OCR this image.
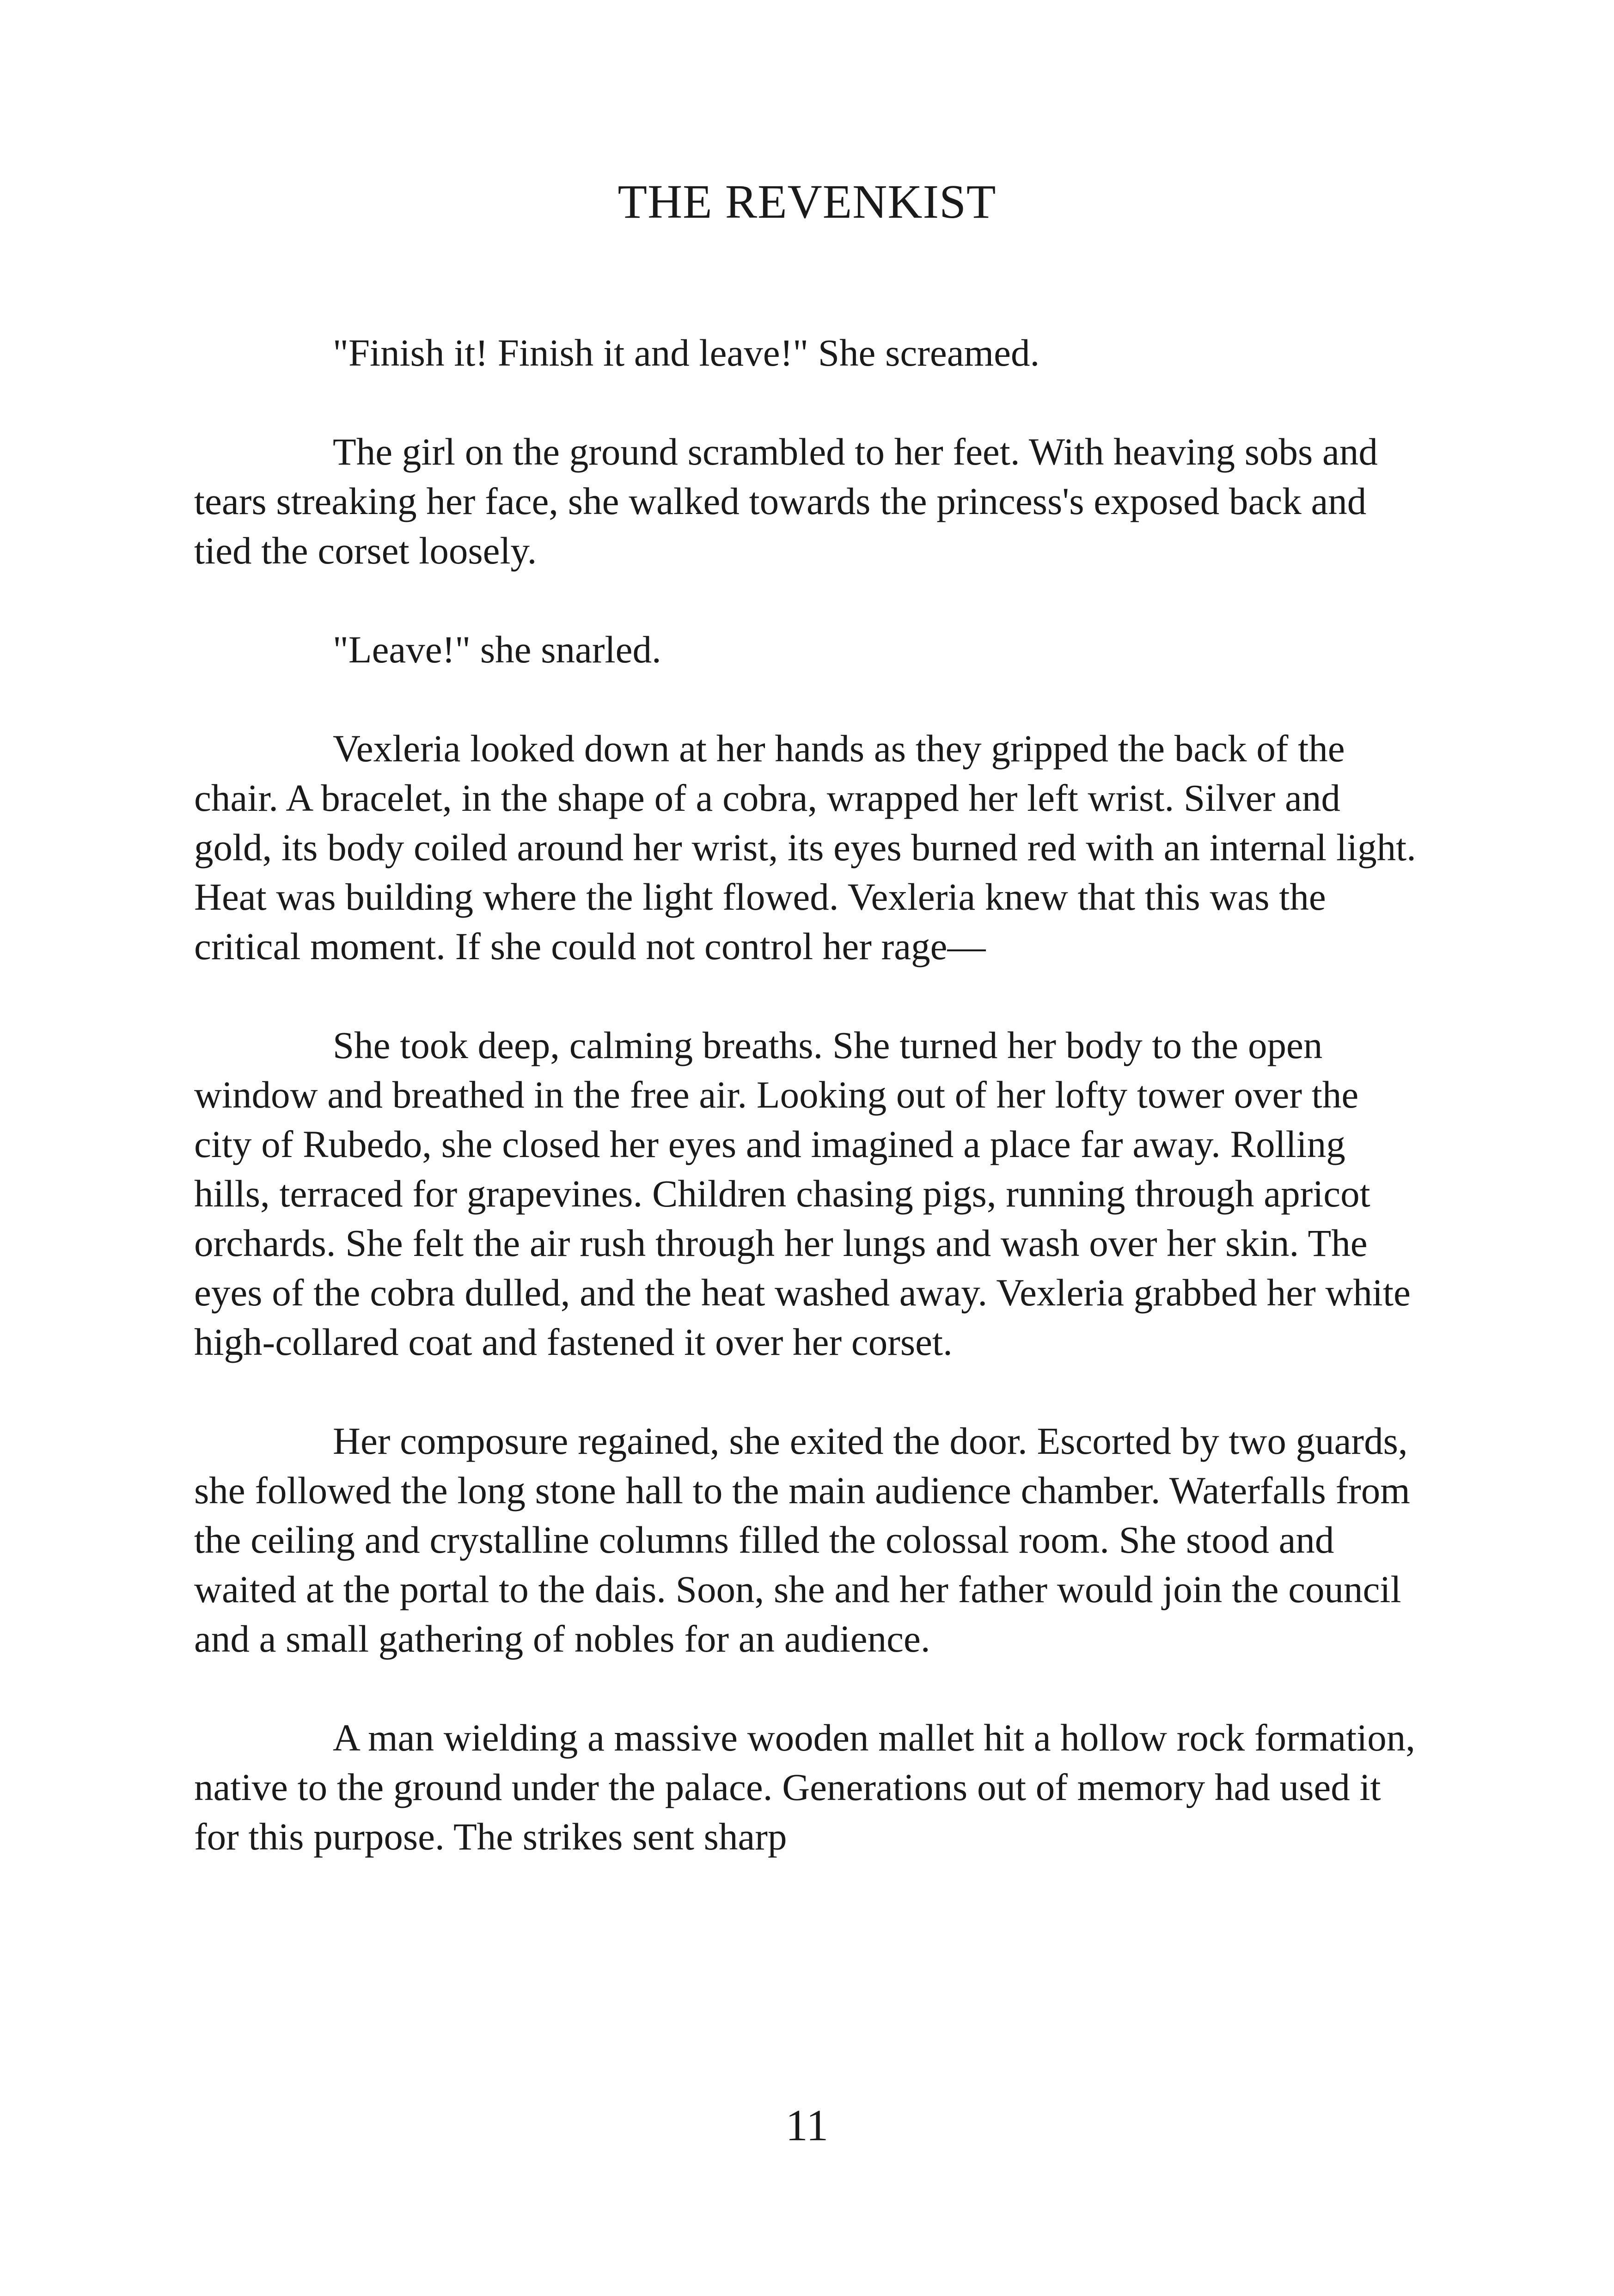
THE REVENKIST

"Finish it! Finish it and leave!" She screamed.

The girl on the ground scrambled to her feet. With heaving sobs and tears streaking her face, she walked towards the princess's exposed back and tied the corset loosely.

"Leave!" she snarled.

Vexleria looked down at her hands as they gripped the back of the chair. A bracelet, in the shape of a cobra, wrapped her left wrist. Silver and gold, its body coiled around her wrist, its eyes burned red with an internal light. Heat was building where the light flowed. Vexleria knew that this was the critical moment. If she could not control her rage—

She took deep, calming breaths. She turned her body to the open window and breathed in the free air. Looking out of her lofty tower over the city of Rubedo, she closed her eyes and imagined a place far away. Rolling hills, terraced for grapevines. Children chasing pigs, running through apricot orchards. She felt the air rush through her lungs and wash over her skin. The eyes of the cobra dulled, and the heat washed away. Vexleria grabbed her white high-collared coat and fastened it over her corset.

Her composure regained, she exited the door. Escorted by two guards, she followed the long stone hall to the main audience chamber. Waterfalls from the ceiling and crystalline columns filled the colossal room. She stood and waited at the portal to the dais. Soon, she and her father would join the council and a small gathering of nobles for an audience.

A man wielding a massive wooden mallet hit a hollow rock formation, native to the ground under the palace. Generations out of memory had used it for this purpose. The strikes sent sharp

11
